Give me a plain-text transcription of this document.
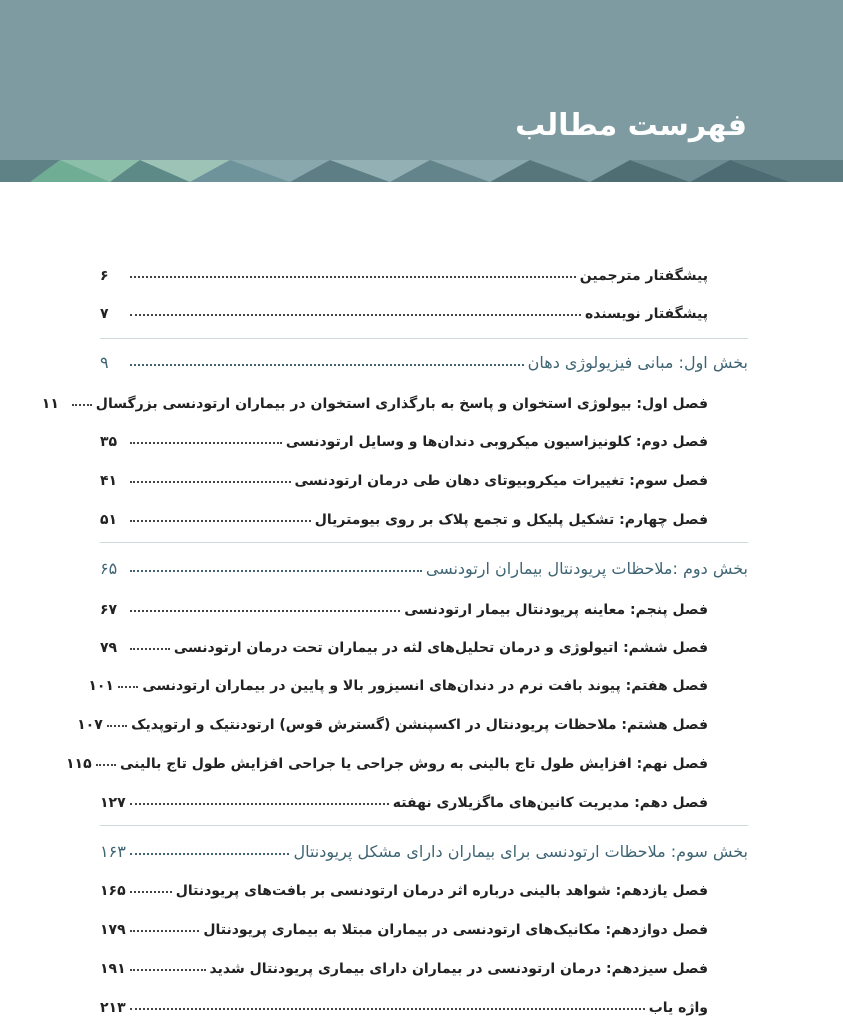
فهرست مطالب
پیشگفتار مترجمین
۶
پیشگفتار نویسنده
۷
بخش اول: مبانی فیزیولوژی دهان
۹
فصل اول: بیولوژی استخوان و پاسخ به بارگذاری استخوان در بیماران ارتودنسی بزرگسال
۱۱
فصل دوم: کلونیزاسیون میکروبی دندان‌ها و وسایل ارتودنسی
۳۵
فصل سوم: تغییرات میکروبیوتای دهان طی درمان ارتودنسی
۴۱
فصل چهارم: تشکیل پلیکل و تجمع پلاک بر روی بیومتریال
۵۱
بخش دوم :ملاحظات پریودنتال بیماران ارتودنسی
۶۵
فصل پنجم: معاینه پریودنتال بیمار ارتودنسی
۶۷
فصل ششم: اتیولوژی و درمان تحلیل‌های لثه در بیماران تحت درمان ارتودنسی
۷۹
فصل هفتم: پیوند بافت نرم در دندان‌های انسیزور بالا و پایین در بیماران ارتودنسی
۱۰۱
فصل هشتم: ملاحظات پریودنتال در اکسپنشن (گسترش قوس) ارتودنتیک و ارتوپدیک
۱۰۷
فصل نهم: افزایش طول تاج بالینی به روش جراحی یا جراحی افزایش طول تاج بالینی
۱۱۵
فصل دهم: مدیریت کانین‌های ماگزیلاری نهفته
۱۲۷
بخش سوم: ملاحظات ارتودنسی برای بیماران دارای مشکل پریودنتال
۱۶۳
فصل یازدهم: شواهد بالینی درباره اثر درمان ارتودنسی بر بافت‌های پریودنتال
۱۶۵
فصل دوازدهم: مکانیک‌های ارتودنسی در بیماران مبتلا به بیماری پریودنتال
۱۷۹
فصل سیزدهم: درمان ارتودنسی در بیماران دارای بیماری پریودنتال شدید
۱۹۱
واژه یاب
۲۱۳
